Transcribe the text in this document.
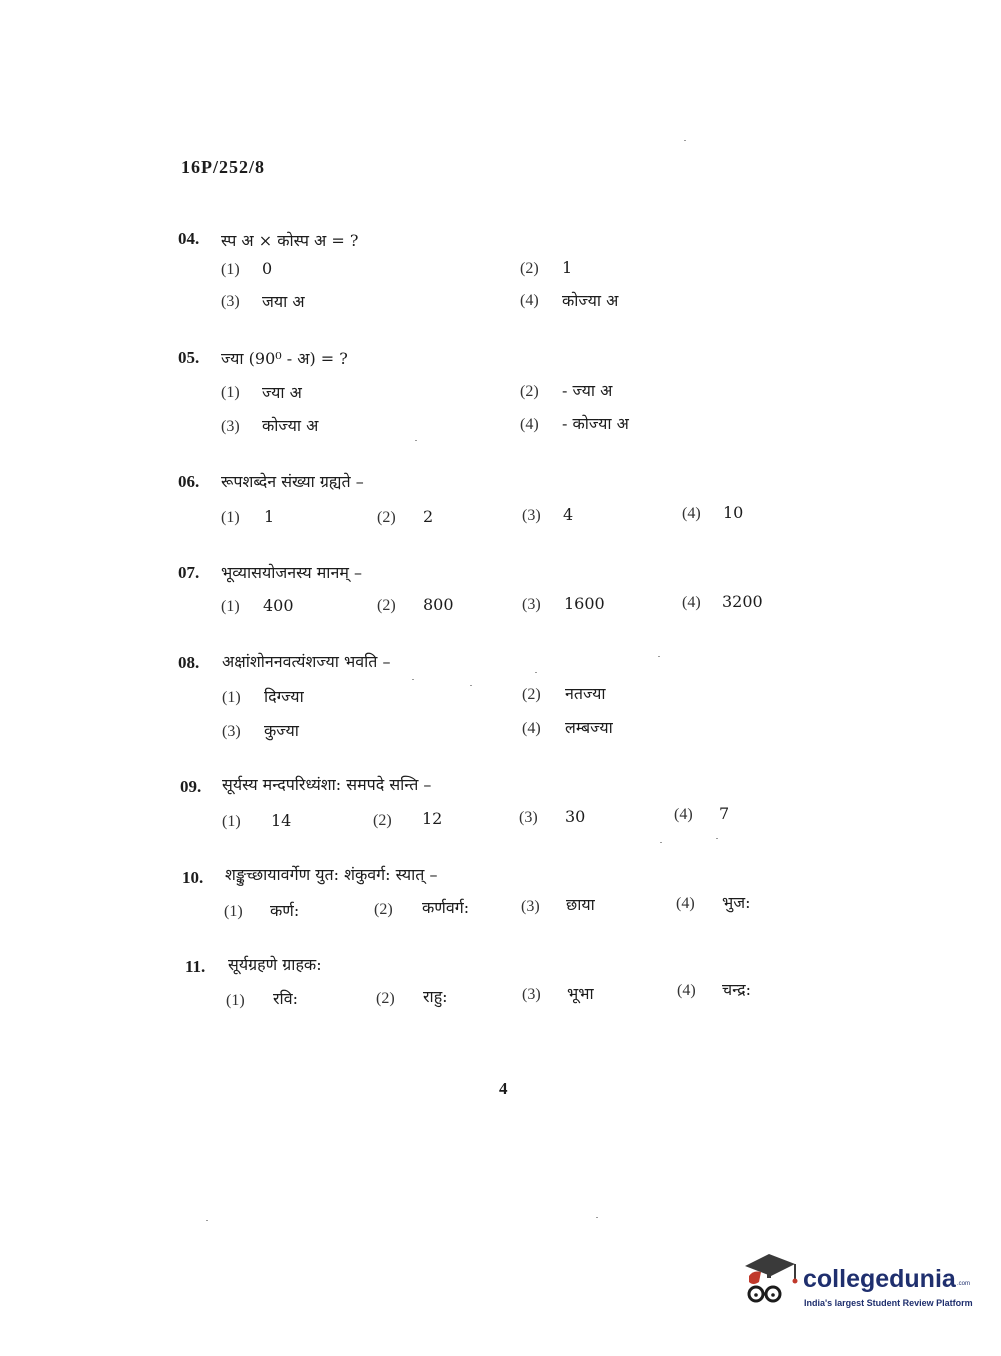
16P/252/8
04. स्प अ × कोस्प अ = ?
(1) 0	(2) 1
(3) जया अ	(4) कोज्या अ
05. ज्या (90⁰ - अ) = ?
(1) ज्या अ	(2) - ज्या अ
(3) कोज्या अ	(4) - कोज्या अ
06. रूपशब्देन संख्या ग्रह्यते –
(1) 1	(2) 2	(3) 4	(4) 10
07. भूव्यासयोजनस्य मानम् –
(1) 400	(2) 800	(3) 1600	(4) 3200
08. अक्षांशोननवत्यंशज्या भवति –
(1) दिग्ज्या	(2) नतज्या
(3) कुज्या	(4) लम्बज्या
09. सूर्यस्य मन्दपरिध्यंशा: समपदे सन्ति –
(1) 14	(2) 12	(3) 30	(4) 7
10. शङ्कुच्छायावर्गेण युत: शंकुवर्ग: स्यात् –
(1) कर्ण:	(2) कर्णवर्ग:	(3) छाया	(4) भुज:
11. सूर्यग्रहणे ग्राहक:
(1) रवि:	(2) राहु:	(3) भूभा	(4) चन्द्र:
4
collegedunia .com
India's largest Student Review Platform
